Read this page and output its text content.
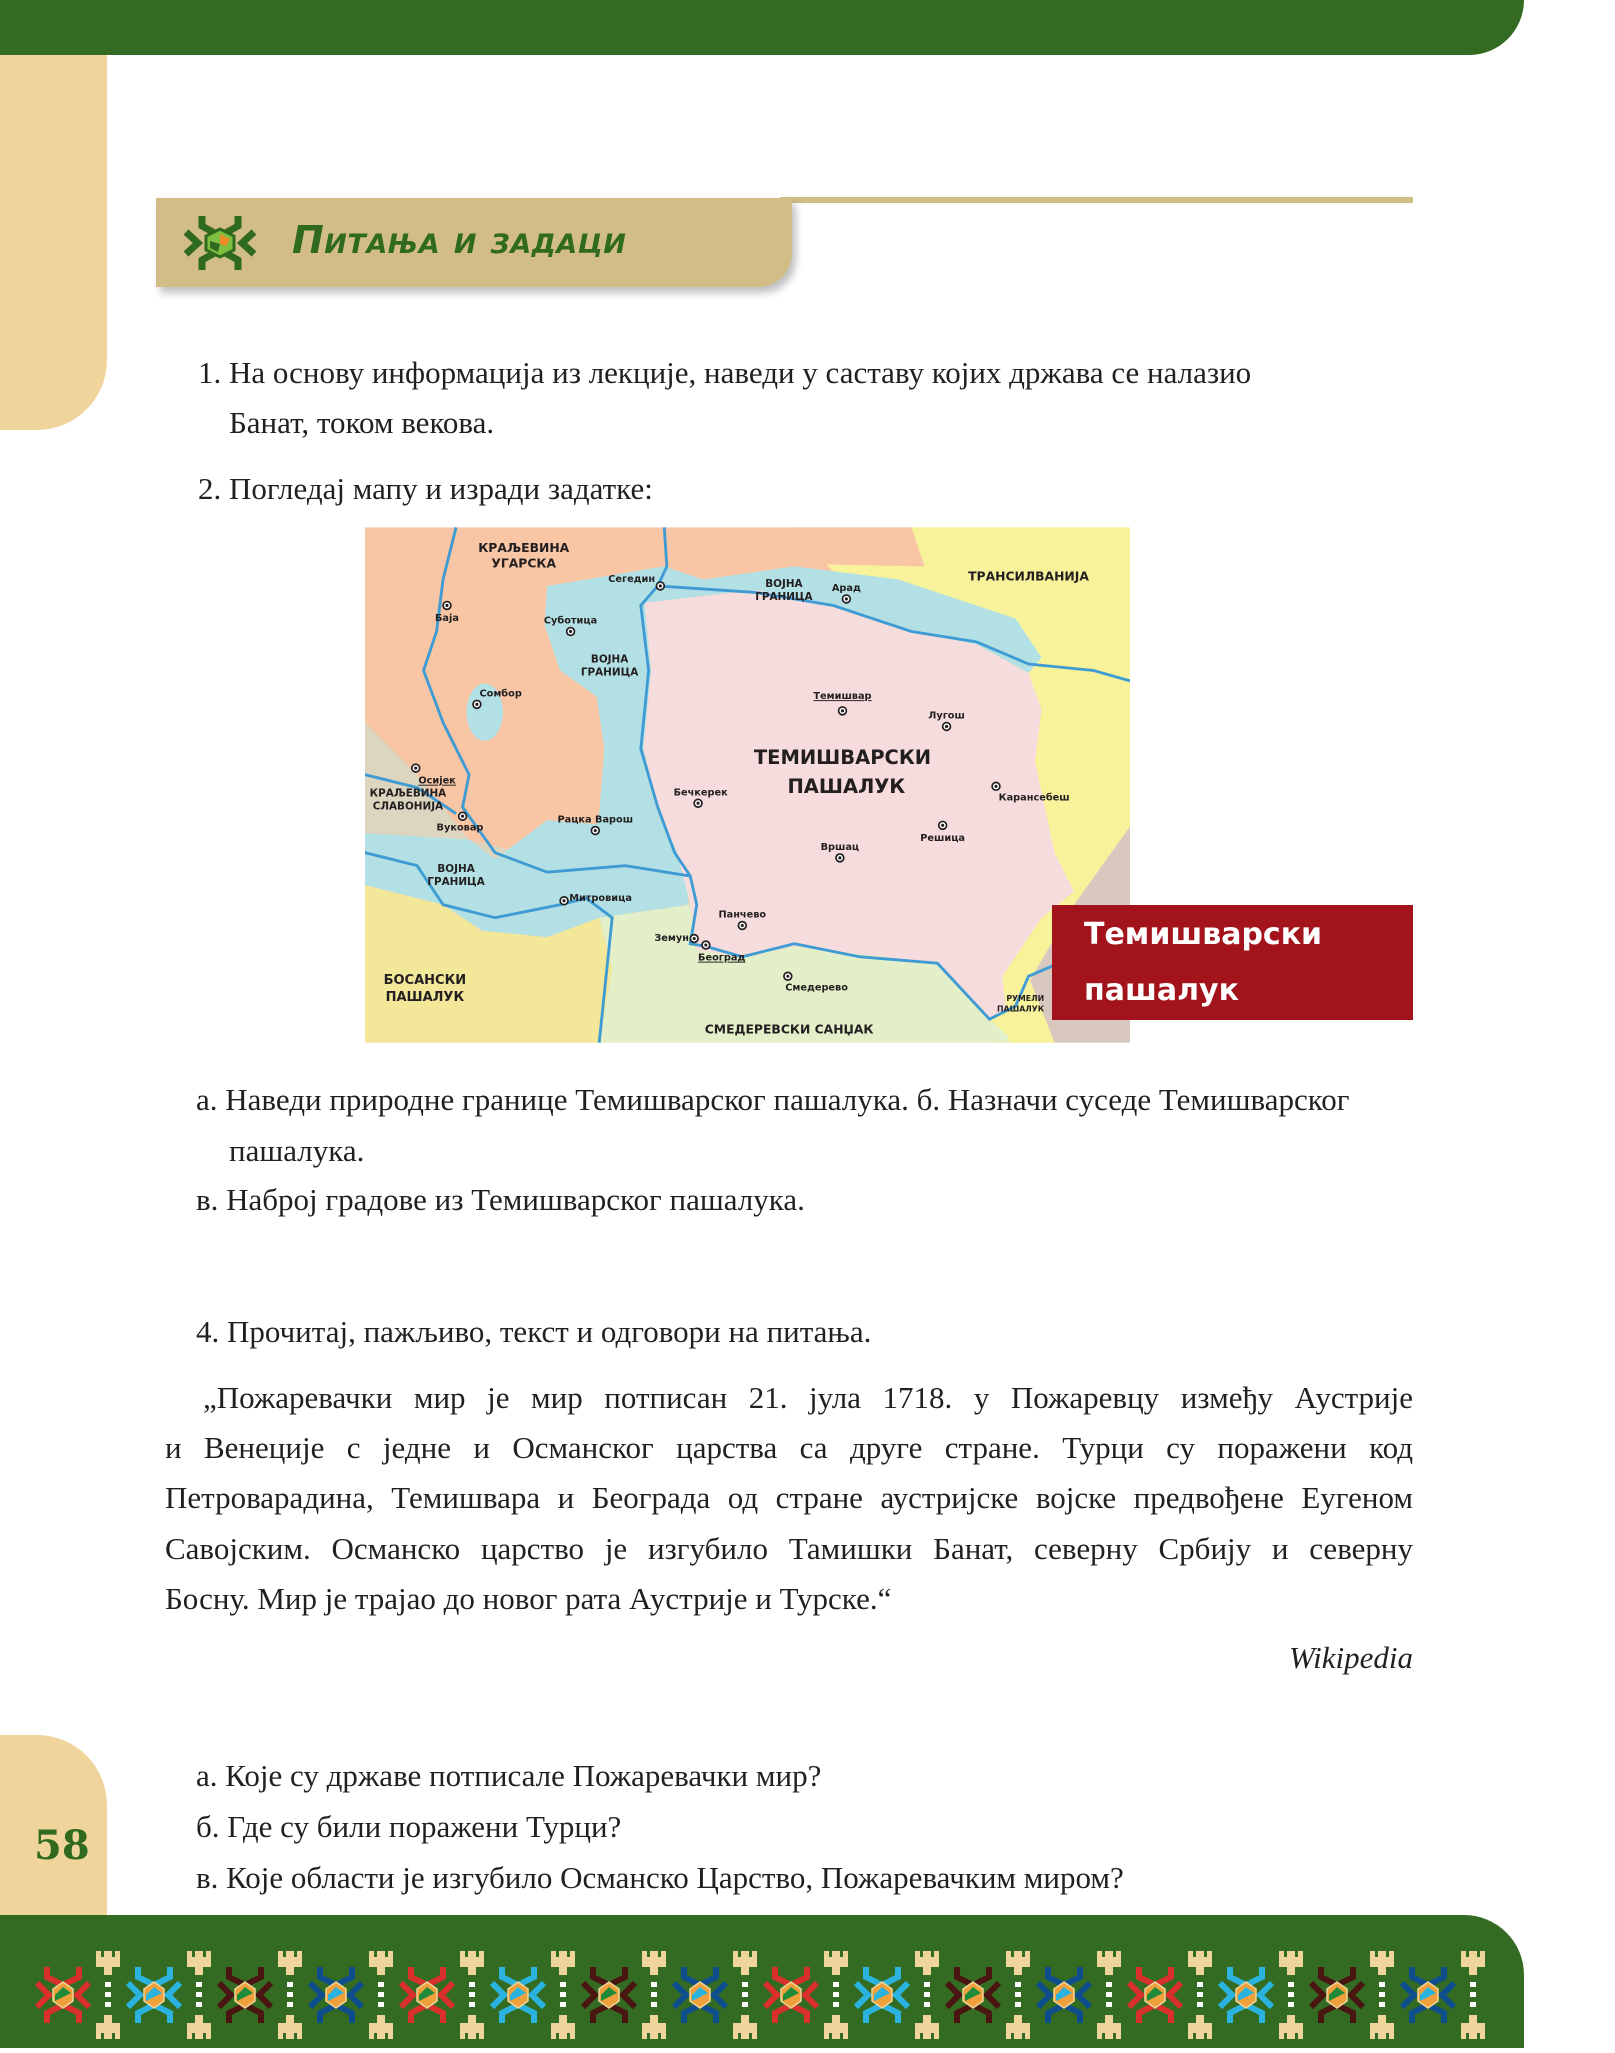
Питања и задаци
1. На основу информација из лекције, наведи у саставу којих држава се налазио
Банат, током векова.
2. Погледај мапу и изради задатке:
КРАЉЕВИНА
УГАРСКА
ВОЈНА
ГРАНИЦА
ВОЈНА
ГРАНИЦА
ТРАНСИЛВАНИЈА
ТЕМИШВАРСКИ
ПАШАЛУК
КРАЉЕВИНА
СЛАВОНИЈА
ВОЈНА
ГРАНИЦА
БОСАНСКИ
ПАШАЛУК
СМЕДЕРЕВСКИ САНЏАК
РУМЕЛИ
ПАШАЛУК
Баја	Суботица
Сегедин
Арад
Сомбор
Осијек
Вуковар
Рацка Варош
Бечкерек
Темишвар
Лугош
Карансебеш
Решица
Вршац
Панчево
Земун
Београд
Митровица
Смедерево
Темишварски
пашалук
а. Наведи природне границе Темишварског пашалука. б. Назначи суседе Темишварског
пашалука.
в. Наброј градове из Темишварског пашалука.
4. Прочитај, пажљиво, текст и одговори на питања.
„Пожаревачки мир је мир потписан 21. јула 1718. у Пожаревцу између Аустрије
и Венеције с једне и Османског царства са друге стране. Турци су поражени код
Петроварадина, Темишвара и Београда од стране аустријске војске предвођене Еугеном
Савојским. Османско царство је изгубило Тамишки Банат, северну Србију и северну
Босну. Мир је трајао до новог рата Аустрије и Турске.“
Wikipedia
58
а. Које су државе потписале Пожаревачки мир?
б. Где су били поражени Турци?
в. Које области је изгубило Османско Царство, Пожаревачким миром?
